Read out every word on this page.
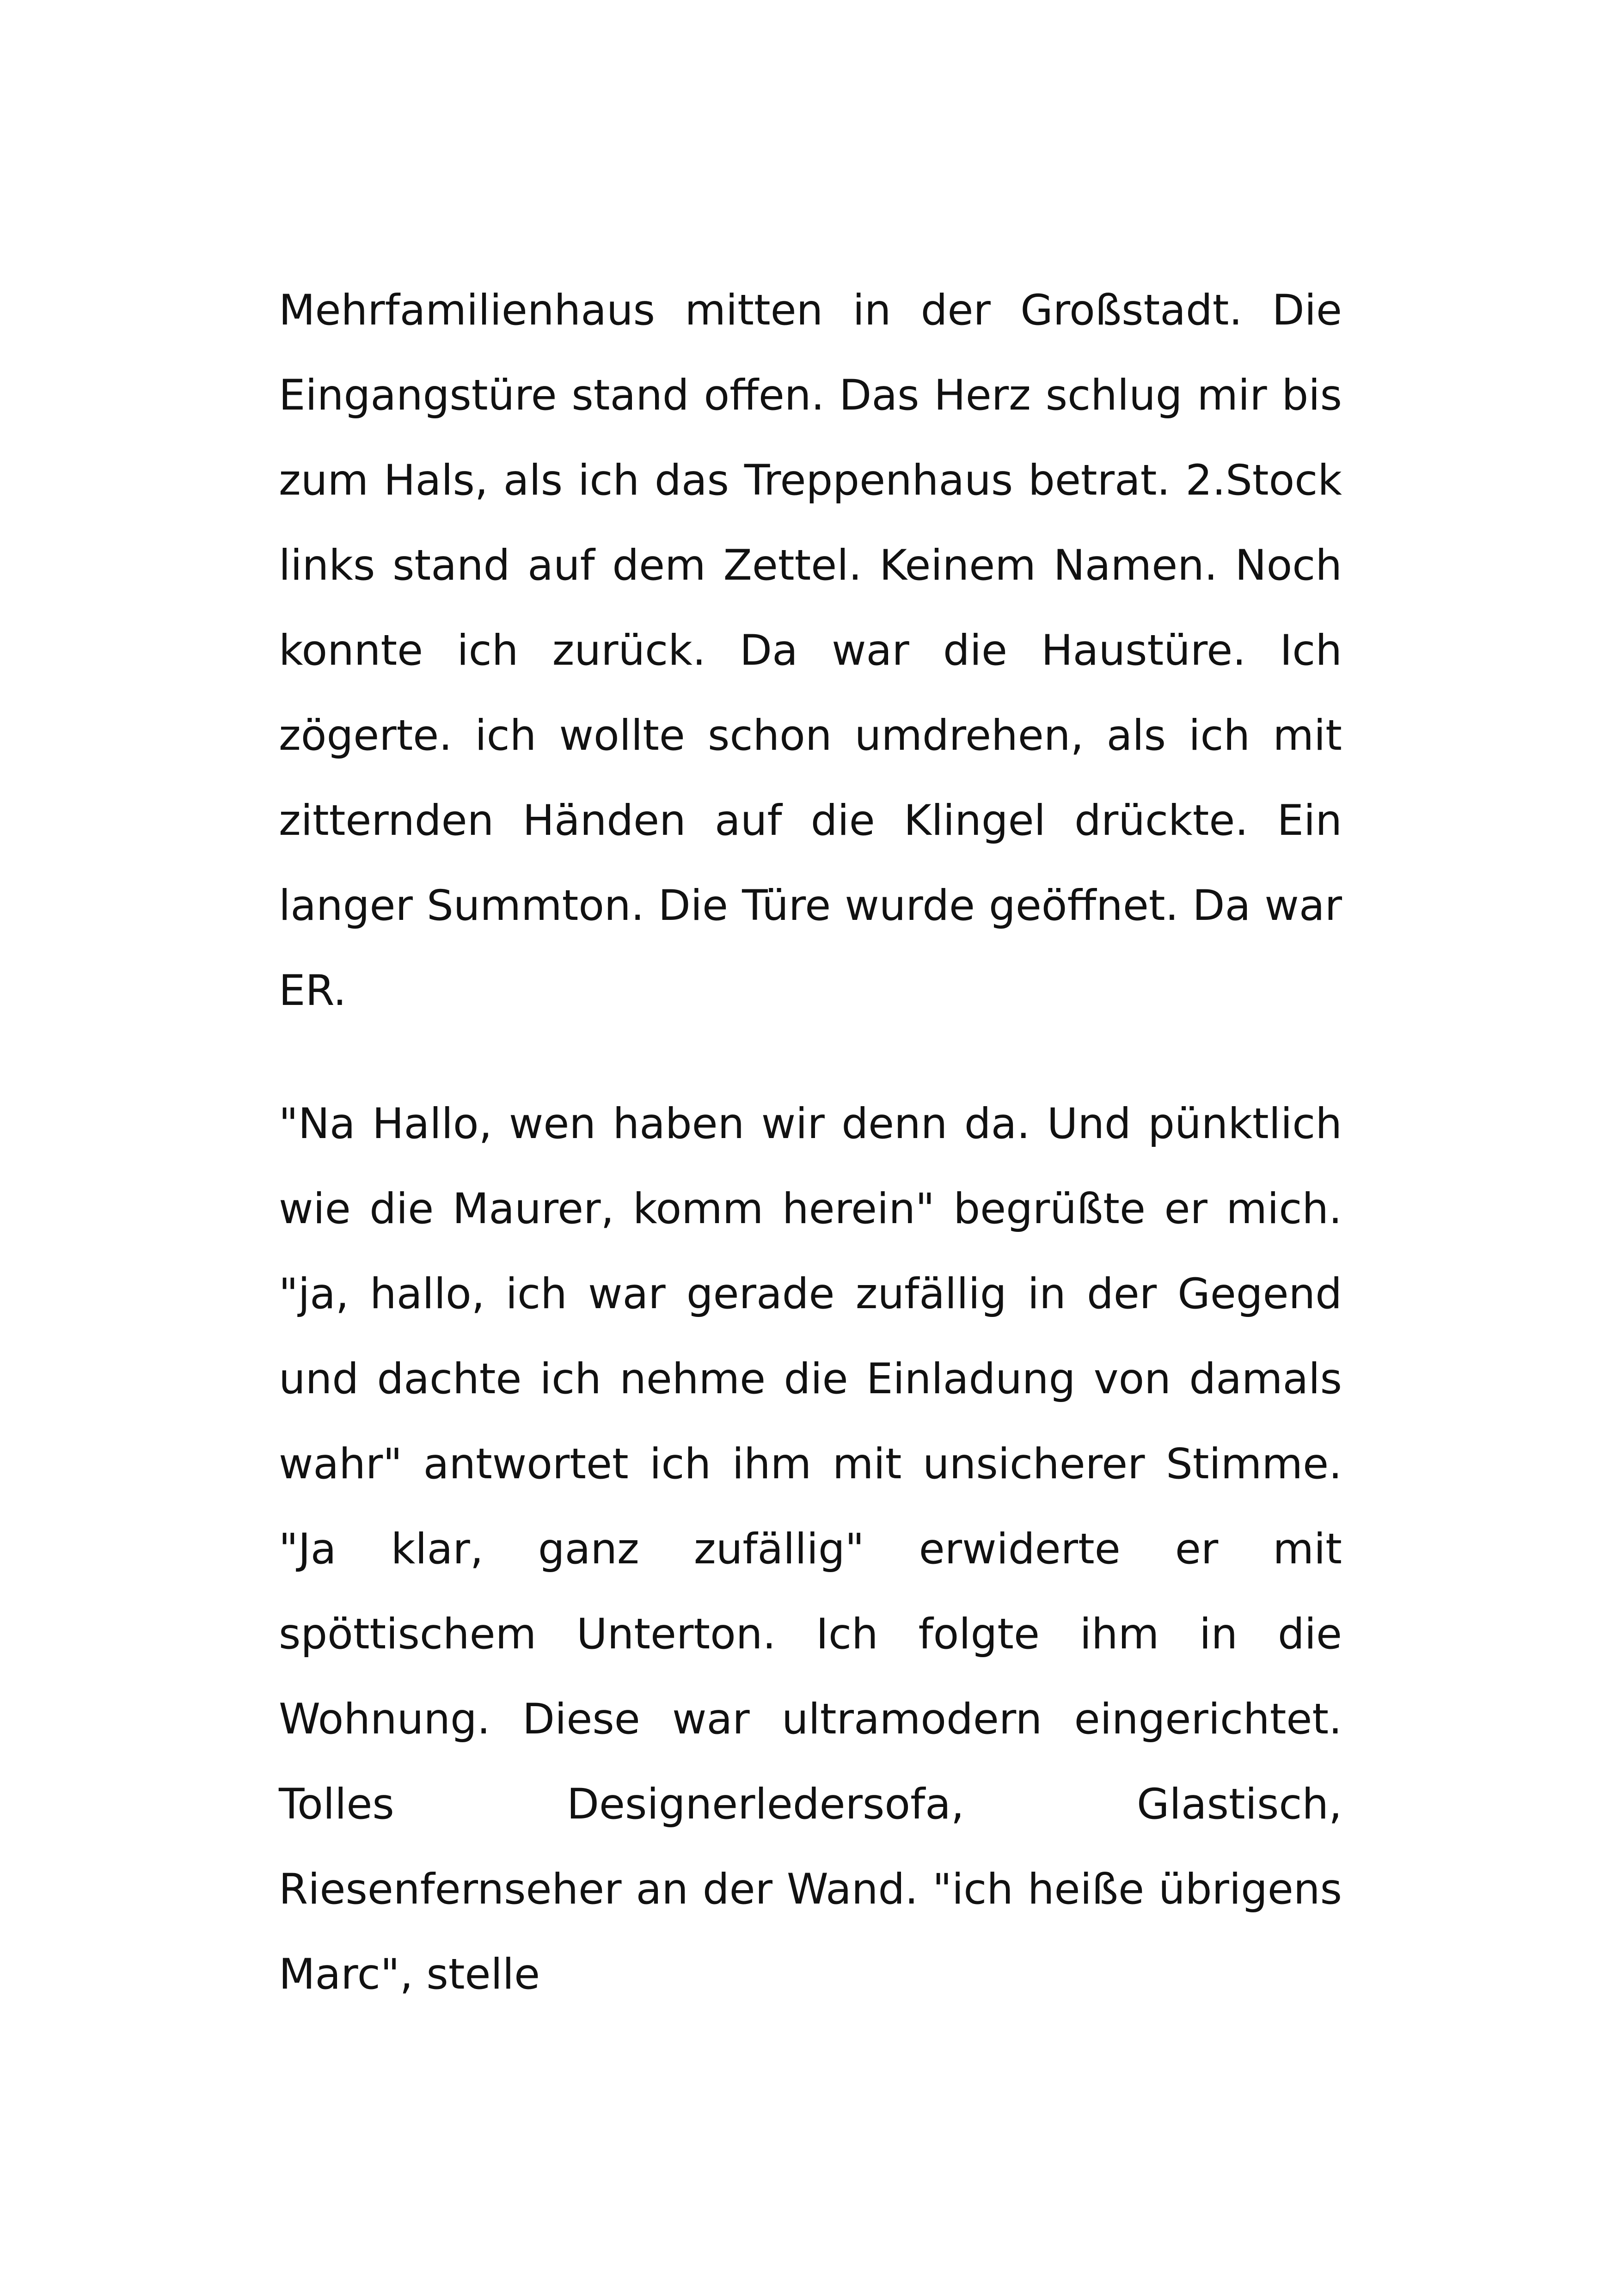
Mehrfamilienhaus mitten in der Großstadt. Die Eingangstüre stand offen. Das Herz schlug mir bis zum Hals, als ich das Treppenhaus betrat. 2.Stock links stand auf dem Zettel. Keinem Namen. Noch konnte ich zurück. Da war die Haustüre. Ich zögerte. ich wollte schon umdrehen, als ich mit zitternden Händen auf die Klingel drückte. Ein langer Summton. Die Türe wurde geöffnet. Da war ER.

"Na Hallo, wen haben wir denn da. Und pünktlich wie die Maurer, komm herein" begrüßte er mich. "ja, hallo, ich war gerade zufällig in der Gegend und dachte ich nehme die Einladung von damals wahr" antwortet ich ihm mit unsicherer Stimme. "Ja klar, ganz zufällig" erwiderte er mit spöttischem Unterton. Ich folgte ihm in die Wohnung. Diese war ultramodern eingerichtet. Tolles Designerledersofa, Glastisch, Riesenfernseher an der Wand. "ich heiße übrigens Marc", stelle
